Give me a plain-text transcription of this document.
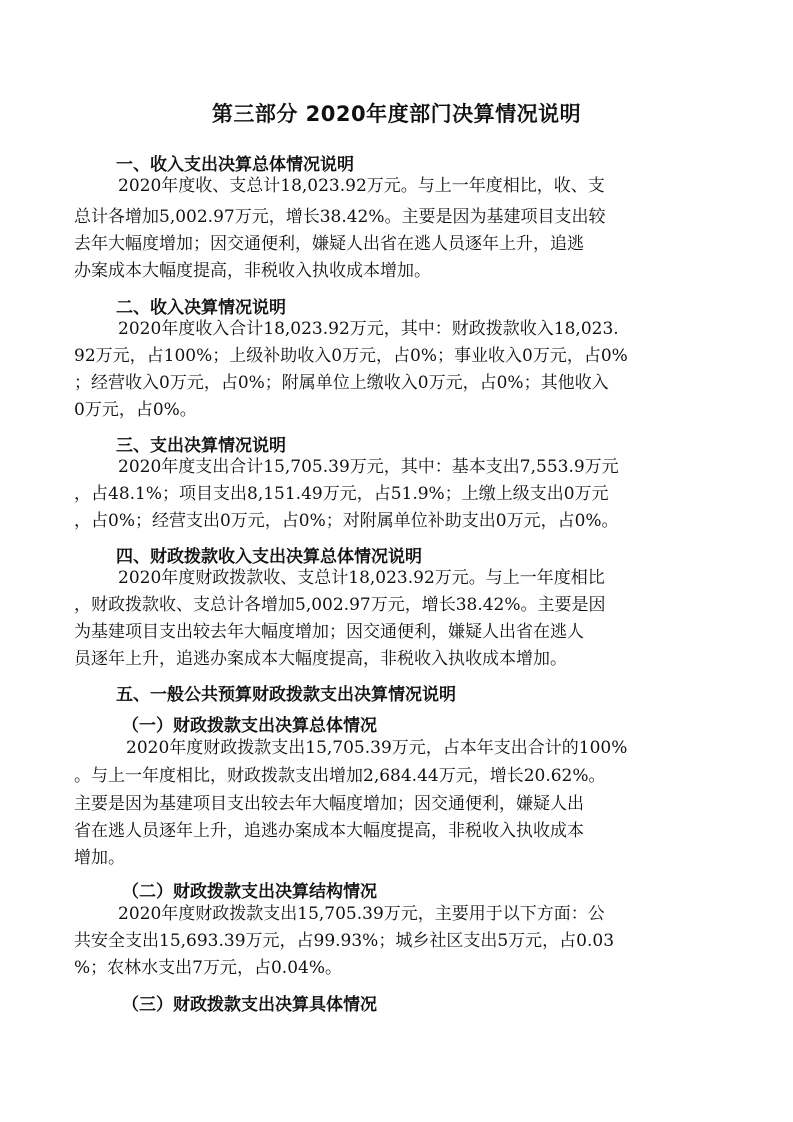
第三部分 2020年度部门决算情况说明
一、收入支出决算总体情况说明

2020年度收、支总计18,023.92万元。与上一年度相比，收、支

总计各增加5,002.97万元，增长38.42%。主要是因为基建项目支出较

去年大幅度增加；因交通便利，嫌疑人出省在逃人员逐年上升，追逃

办案成本大幅度提高，非税收入执收成本增加。

二、收入决算情况说明

2020年度收入合计18,023.92万元，其中：财政拨款收入18,023.

92万元，占100%；上级补助收入0万元，占0%；事业收入0万元，占0%

；经营收入0万元，占0%；附属单位上缴收入0万元，占0%；其他收入

0万元，占0%。

三、支出决算情况说明

2020年度支出合计15,705.39万元，其中：基本支出7,553.9万元

，占48.1%；项目支出8,151.49万元，占51.9%；上缴上级支出0万元

，占0%；经营支出0万元，占0%；对附属单位补助支出0万元，占0%。

四、财政拨款收入支出决算总体情况说明

2020年度财政拨款收、支总计18,023.92万元。与上一年度相比

，财政拨款收、支总计各增加5,002.97万元，增长38.42%。主要是因

为基建项目支出较去年大幅度增加；因交通便利，嫌疑人出省在逃人

员逐年上升，追逃办案成本大幅度提高，非税收入执收成本增加。

五、一般公共预算财政拨款支出决算情况说明
（一）财政拨款支出决算总体情况

2020年度财政拨款支出15,705.39万元，占本年支出合计的100%

。与上一年度相比，财政拨款支出增加2,684.44万元，增长20.62%。

主要是因为基建项目支出较去年大幅度增加；因交通便利，嫌疑人出

省在逃人员逐年上升，追逃办案成本大幅度提高，非税收入执收成本

增加。

（二）财政拨款支出决算结构情况

2020年度财政拨款支出15,705.39万元，主要用于以下方面：公

共安全支出15,693.39万元，占99.93%；城乡社区支出5万元，占0.03

%；农林水支出7万元，占0.04%。

（三）财政拨款支出决算具体情况
